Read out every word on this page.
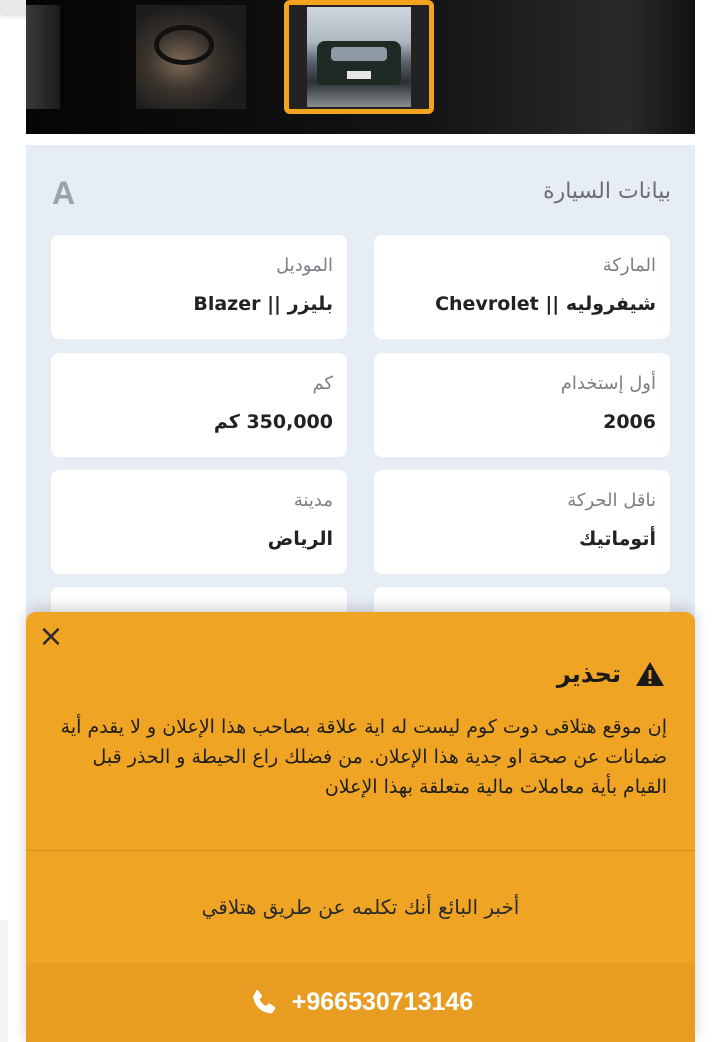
بيانات السيارة
A
الماركة
شيفروليه || Chevrolet
الموديل
بليزر || Blazer
أول إستخدام
2006
كم
350,000 كم
ناقل الحركة
أتوماتيك
مدينة
الرياض
×
تحذير
إن موقع هتلاقى دوت كوم ليست له اية علاقة بصاحب هذا الإعلان و لا يقدم أية ضمانات عن صحة او جدية هذا الإعلان. من فضلك راع الحيطة و الحذر قبل القيام بأية معاملات مالية متعلقة بهذا الإعلان
أخبر البائع أنك تكلمه عن طريق هتلاقي
+966530713146
